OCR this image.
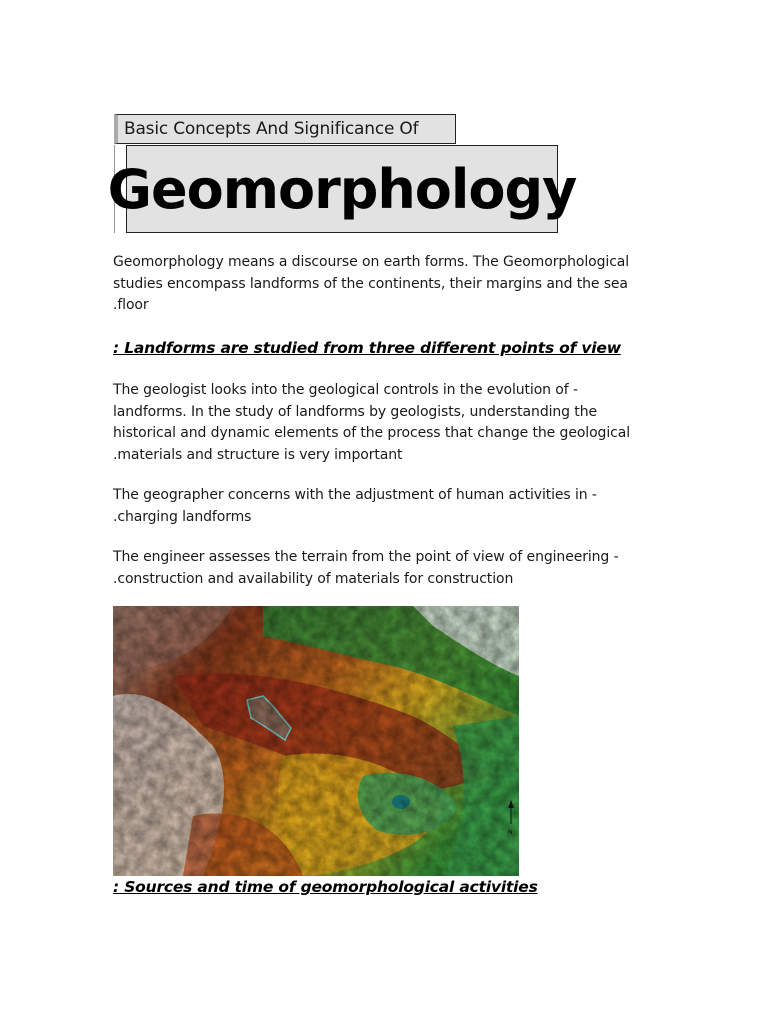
Basic Concepts And Significance Of
Geomorphology

Geomorphology means a discourse on earth forms. The Geomorphological studies encompass landforms of the continents, their margins and the sea .floor

: Landforms are studied from three different points of view

The geologist looks into the geological controls in the evolution of - landforms. In the study of landforms by geologists, understanding the historical and dynamic elements of the process that change the geological .materials and structure is very important

The geographer concerns with the adjustment of human activities in - .charging landforms

The engineer assesses the terrain from the point of view of engineering - .construction and availability of materials for construction

N

: Sources and time of geomorphological activities
